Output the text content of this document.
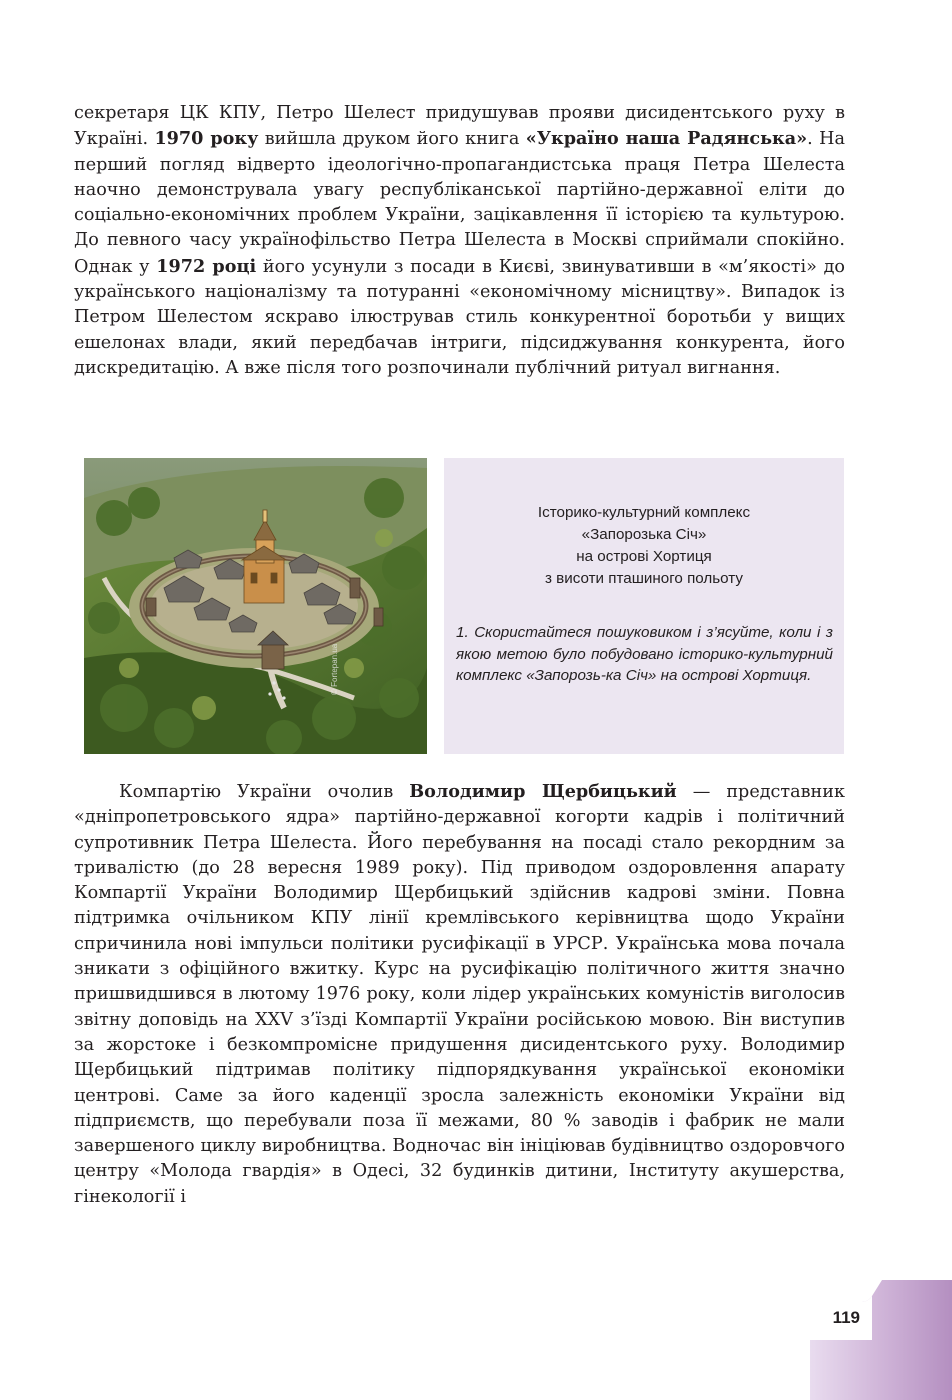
секретаря ЦК КПУ, Петро Шелест придушував прояви дисидентського руху в Україні. 1970 року вийшла друком його книга «Україно наша Радянська». На перший погляд відверто ідеологічно-пропагандистська праця Петра Шелеста наочно демонструвала увагу республіканської партійно-державної еліти до соціально-економічних проблем України, зацікавлення її історією та культурою. До певного часу українофільство Петра Шелеста в Москві сприймали спокійно. Однак у 1972 році його усунули з посади в Києві, звинувативши в «м’якості» до українського націоналізму та потуранні «економічному місництву». Випадок із Петром Шелестом яскраво ілюстрував стиль конкурентної боротьби у вищих ешелонах влади, який передбачав інтриги, підсиджування конкурента, його дискредитацію. А вже після того розпочинали публічний ритуал вигнання.

© Fortepan.ua
Історико-культурний комплекс
«Запорозька Січ»
на острові Хортиця
з висоти пташиного польоту

1. Скористайтеся пошуковиком і з’ясуйте, коли і з якою метою було побудовано історико-культурний комплекс «Запорозь-ка Січ» на острові Хортиця.

Компартію України очолив Володимир Щербицький — представник «дніпропетровського ядра» партійно-державної когорти кадрів і політичний супротивник Петра Шелеста. Його перебування на посаді стало рекордним за тривалістю (до 28 вересня 1989 року). Під приводом оздоровлення апарату Компартії України Володимир Щербицький здійснив кадрові зміни. Повна підтримка очільником КПУ лінії кремлівського керівництва щодо України спричинила нові імпульси політики русифікації в УРСР. Українська мова почала зникати з офіційного вжитку. Курс на русифікацію політичного життя значно пришвидшився в лютому 1976 року, коли лідер українських комуністів виголосив звітну доповідь на XXV з’їзді Компартії України російською мовою. Він виступив за жорстоке і безкомпромісне придушення дисидентського руху. Володимир Щербицький підтримав політику підпорядкування української економіки центрові. Саме за його каденції зросла залежність економіки України від підприємств, що перебували поза її межами, 80 % заводів і фабрик не мали завершеного циклу виробництва. Водночас він ініціював будівництво оздоровчого центру «Молода гвардія» в Одесі, 32 будинків дитини, Інституту акушерства, гінекології і

119
